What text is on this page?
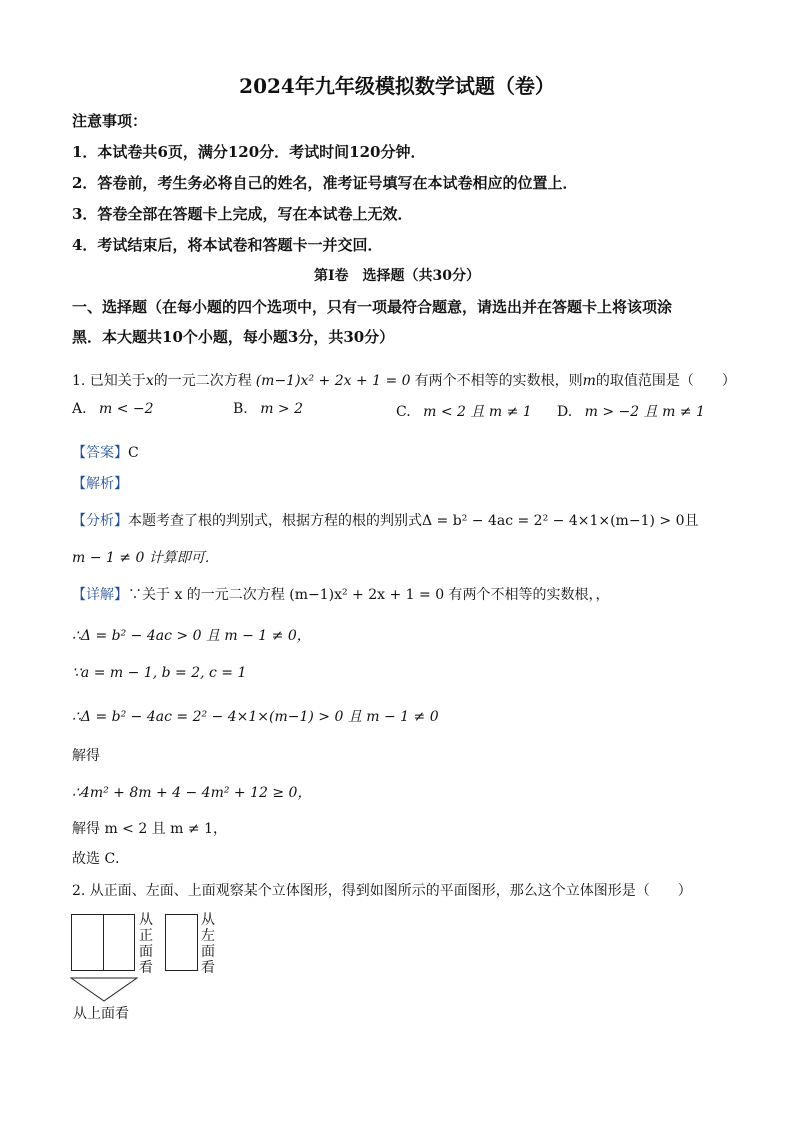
2024年九年级模拟数学试题（卷）
注意事项：
1．本试卷共6页，满分120分．考试时间120分钟．
2．答卷前，考生务必将自己的姓名，准考证号填写在本试卷相应的位置上．
3．答卷全部在答题卡上完成，写在本试卷上无效．
4．考试结束后，将本试卷和答题卡一并交回．
第Ⅰ卷　选择题（共30分）
一、选择题（在每小题的四个选项中，只有一项最符合题意，请选出并在答题卡上将该项涂
黑．本大题共10个小题，每小题3分，共30分）
1. 已知关于x的一元二次方程 (m−1)x² + 2x + 1 = 0 有两个不相等的实数根，则m的取值范围是（　　）
A. m < −2	B. m > 2	C. m < 2 且 m ≠ 1 D. m > −2 且 m ≠ 1
【答案】C
【解析】
【分析】本题考查了根的判别式，根据方程的根的判别式Δ = b² − 4ac = 2² − 4×1×(m−1) > 0且
m − 1 ≠ 0 计算即可．
【详解】∵关于 x 的一元二次方程 (m−1)x² + 2x + 1 = 0 有两个不相等的实数根，，
∴Δ = b² − 4ac > 0 且 m − 1 ≠ 0，
∵a = m − 1, b = 2, c = 1
∴Δ = b² − 4ac = 2² − 4×1×(m−1) > 0 且 m − 1 ≠ 0
解得
∴4m² + 8m + 4 − 4m² + 12 ≥ 0，
解得 m < 2 且 m ≠ 1，
故选 C．
2. 从正面、左面、上面观察某个立体图形，得到如图所示的平面图形，那么这个立体图形是（　　）
从正面看
从左面看
从上面看
